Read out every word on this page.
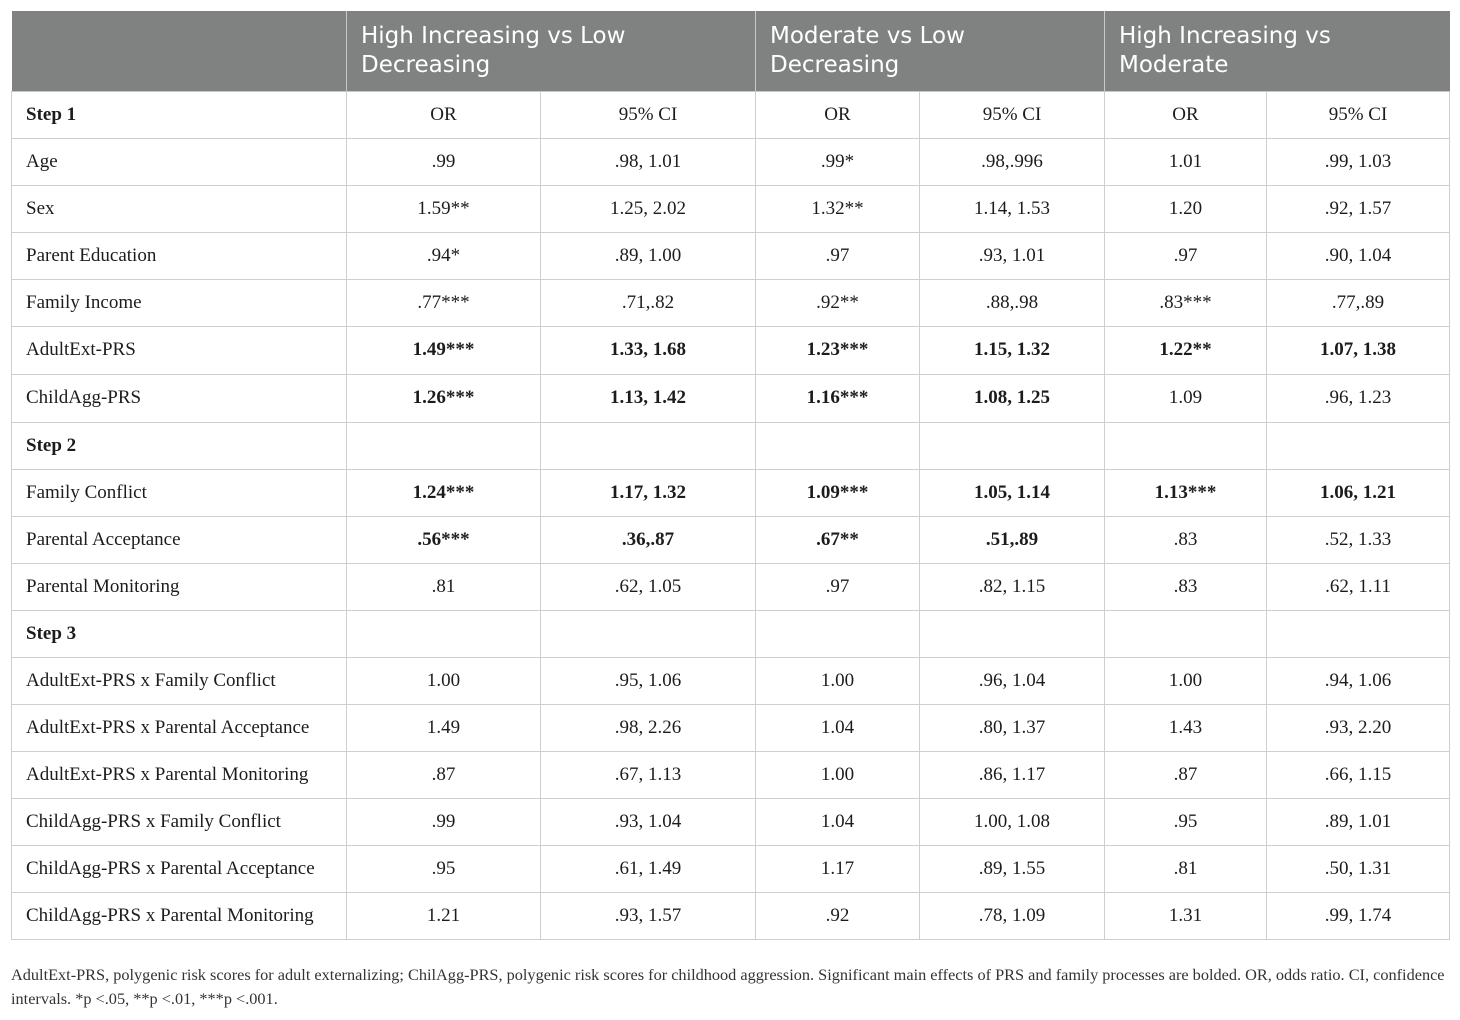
	High Increasing vs Low Decreasing		Moderate vs Low Decreasing		High Increasing vs Moderate	
Step 1	OR	95% CI	OR	95% CI	OR	95% CI
Age	.99	.98, 1.01	.99*	.98,.996	1.01	.99, 1.03
Sex	1.59**	1.25, 2.02	1.32**	1.14, 1.53	1.20	.92, 1.57
Parent Education	.94*	.89, 1.00	.97	.93, 1.01	.97	.90, 1.04
Family Income	.77***	.71,.82	.92**	.88,.98	.83***	.77,.89
AdultExt-PRS	1.49***	1.33, 1.68	1.23***	1.15, 1.32	1.22**	1.07, 1.38
ChildAgg-PRS	1.26***	1.13, 1.42	1.16***	1.08, 1.25	1.09	.96, 1.23
Step 2						
Family Conflict	1.24***	1.17, 1.32	1.09***	1.05, 1.14	1.13***	1.06, 1.21
Parental Acceptance	.56***	.36,.87	.67**	.51,.89	.83	.52, 1.33
Parental Monitoring	.81	.62, 1.05	.97	.82, 1.15	.83	.62, 1.11
Step 3						
AdultExt-PRS x Family Conflict	1.00	.95, 1.06	1.00	.96, 1.04	1.00	.94, 1.06
AdultExt-PRS x Parental Acceptance	1.49	.98, 2.26	1.04	.80, 1.37	1.43	.93, 2.20
AdultExt-PRS x Parental Monitoring	.87	.67, 1.13	1.00	.86, 1.17	.87	.66, 1.15
ChildAgg-PRS x Family Conflict	.99	.93, 1.04	1.04	1.00, 1.08	.95	.89, 1.01
ChildAgg-PRS x Parental Acceptance	.95	.61, 1.49	1.17	.89, 1.55	.81	.50, 1.31
ChildAgg-PRS x Parental Monitoring	1.21	.93, 1.57	.92	.78, 1.09	1.31	.99, 1.74
AdultExt-PRS, polygenic risk scores for adult externalizing; ChilAgg-PRS, polygenic risk scores for childhood aggression. Significant main effects of PRS and family processes are bolded. OR, odds ratio. CI, confidence intervals. *p <.05, **p <.01, ***p <.001.
